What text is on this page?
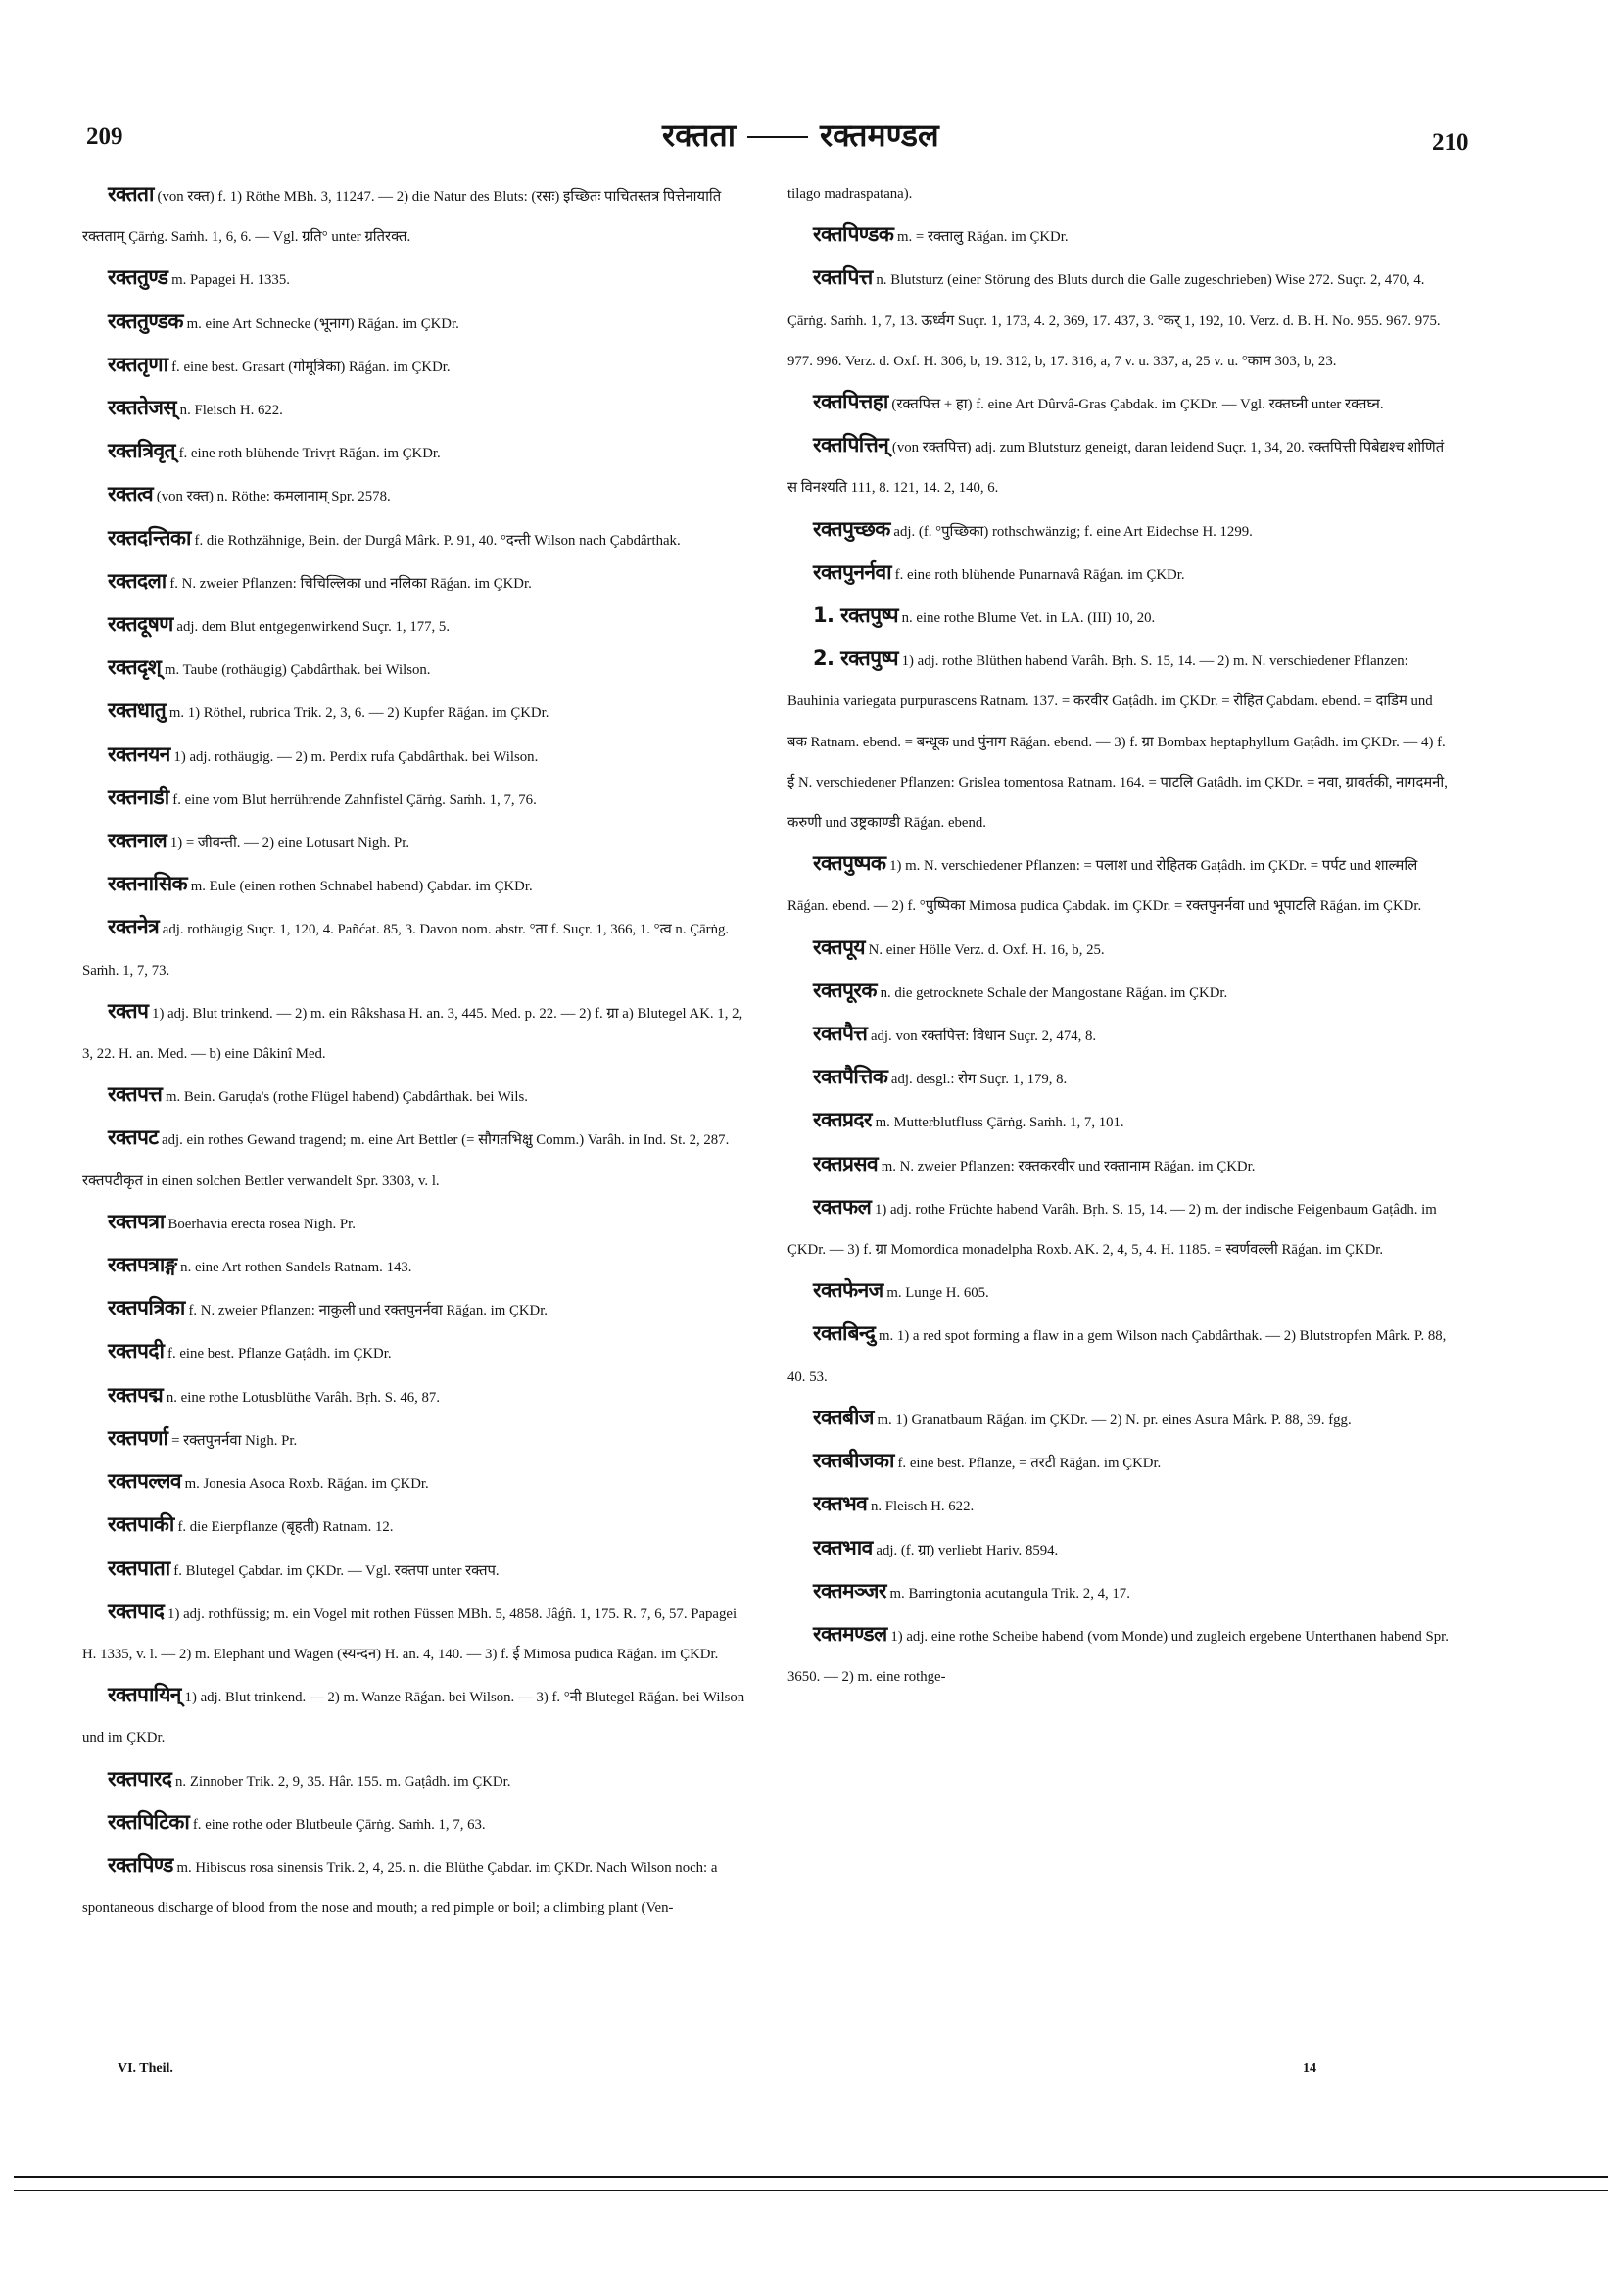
209	रक्तता	रक्तमण्डल	210

रक्तता (von रक्त) f. 1) Röthe MBh. 3, 11247. — 2) die Natur des Bluts: (रसः) इच्छितः पाचितस्तत्र पित्तेनायाति रक्तताम् Çārṅg. Saṁh. 1, 6, 6. — Vgl. ग्रति° unter ग्रतिरक्त.

रक्ततुण्ड m. Papagei H. 1335.

रक्ततुण्डक m. eine Art Schnecke (भूनाग) Rāǵan. im ÇKDr.

रक्ततृणा f. eine best. Grasart (गोमूत्रिका) Rāǵan. im ÇKDr.

रक्ततेजस् n. Fleisch H. 622.

रक्तत्रिवृत् f. eine roth blühende Trivṛt Rāǵan. im ÇKDr.

रक्तत्व (von रक्त) n. Röthe: कमलानाम् Spr. 2578.

रक्तदन्तिका f. die Rothzähnige, Bein. der Durgâ Mârk. P. 91, 40. °दन्ती Wilson nach Çabdârthak.

रक्तदला f. N. zweier Pflanzen: चिचिल्लिका und नलिका Rāǵan. im ÇKDr.

रक्तदूषण adj. dem Blut entgegenwirkend Suçr. 1, 177, 5.

रक्तदृश् m. Taube (rothäugig) Çabdârthak. bei Wilson.

रक्तधातु m. 1) Röthel, rubrica Trik. 2, 3, 6. — 2) Kupfer Rāǵan. im ÇKDr.

रक्तनयन 1) adj. rothäugig. — 2) m. Perdix rufa Çabdârthak. bei Wilson.

रक्तनाडी f. eine vom Blut herrührende Zahnfistel Çārṅg. Saṁh. 1, 7, 76.

रक्तनाल 1) = जीवन्ती. — 2) eine Lotusart Nigh. Pr.

रक्तनासिक m. Eule (einen rothen Schnabel habend) Çabdar. im ÇKDr.

रक्तनेत्र adj. rothäugig Suçr. 1, 120, 4. Pañćat. 85, 3. Davon nom. abstr. °ता f. Suçr. 1, 366, 1. °त्व n. Çārṅg. Saṁh. 1, 7, 73.

रक्तप 1) adj. Blut trinkend. — 2) m. ein Râkshasa H. an. 3, 445. Med. p. 22. — 2) f. ग्रा a) Blutegel AK. 1, 2, 3, 22. H. an. Med. — b) eine Dâkinî Med.

रक्तपत्त m. Bein. Garuḍa's (rothe Flügel habend) Çabdârthak. bei Wils.

रक्तपट adj. ein rothes Gewand tragend; m. eine Art Bettler (= सौगतभिक्षु Comm.) Varâh. in Ind. St. 2, 287. रक्तपटीकृत in einen solchen Bettler verwandelt Spr. 3303, v. l.

रक्तपत्रा Boerhavia erecta rosea Nigh. Pr.

रक्तपत्राङ्ग n. eine Art rothen Sandels Ratnam. 143.

रक्तपत्रिका f. N. zweier Pflanzen: नाकुली und रक्तपुनर्नवा Rāǵan. im ÇKDr.

रक्तपदी f. eine best. Pflanze Gaṭâdh. im ÇKDr.

रक्तपद्म n. eine rothe Lotusblüthe Varâh. Bṛh. S. 46, 87.

रक्तपर्णा = रक्तपुनर्नवा Nigh. Pr.

रक्तपल्लव m. Jonesia Asoca Roxb. Rāǵan. im ÇKDr.

रक्तपाकी f. die Eierpflanze (बृहती) Ratnam. 12.

रक्तपाता f. Blutegel Çabdar. im ÇKDr. — Vgl. रक्तपा unter रक्तप.

रक्तपाद 1) adj. rothfüssig; m. ein Vogel mit rothen Füssen MBh. 5, 4858. Jâǵñ. 1, 175. R. 7, 6, 57. Papagei H. 1335, v. l. — 2) m. Elephant und Wagen (स्यन्दन) H. an. 4, 140. — 3) f. ई Mimosa pudica Rāǵan. im ÇKDr.

रक्तपायिन् 1) adj. Blut trinkend. — 2) m. Wanze Rāǵan. bei Wilson. — 3) f. °नी Blutegel Rāǵan. bei Wilson und im ÇKDr.

रक्तपारद n. Zinnober Trik. 2, 9, 35. Hâr. 155. m. Gaṭâdh. im ÇKDr.

रक्तपिटिका f. eine rothe oder Blutbeule Çārṅg. Saṁh. 1, 7, 63.

रक्तपिण्ड m. Hibiscus rosa sinensis Trik. 2, 4, 25. n. die Blüthe Çabdar. im ÇKDr. Nach Wilson noch: a spontaneous discharge of blood from the nose and mouth; a red pimple or boil; a climbing plant (Ven-

tilago madraspatana).

रक्तपिण्डक m. = रक्तालु Rāǵan. im ÇKDr.

रक्तपित्त n. Blutsturz (einer Störung des Bluts durch die Galle zugeschrieben) Wise 272. Suçr. 2, 470, 4. Çārṅg. Saṁh. 1, 7, 13. ऊर्ध्वग Suçr. 1, 173, 4. 2, 369, 17. 437, 3. °कर् 1, 192, 10. Verz. d. B. H. No. 955. 967. 975. 977. 996. Verz. d. Oxf. H. 306, b, 19. 312, b, 17. 316, a, 7 v. u. 337, a, 25 v. u. °काम 303, b, 23.

रक्तपित्तहा (रक्तपित्त + हा) f. eine Art Dûrvâ-Gras Çabdak. im ÇKDr. — Vgl. रक्तघ्नी unter रक्तघ्न.

रक्तपित्तिन् (von रक्तपित्त) adj. zum Blutsturz geneigt, daran leidend Suçr. 1, 34, 20. रक्तपित्ती पिबेद्यश्च शोणितं स विनश्यति 111, 8. 121, 14. 2, 140, 6.

रक्तपुच्छक adj. (f. °पुच्छिका) rothschwänzig; f. eine Art Eidechse H. 1299.

रक्तपुनर्नवा f. eine roth blühende Punarnavâ Rāǵan. im ÇKDr.

1. रक्तपुष्प n. eine rothe Blume Vet. in LA. (III) 10, 20.

2. रक्तपुष्प 1) adj. rothe Blüthen habend Varâh. Bṛh. S. 15, 14. — 2) m. N. verschiedener Pflanzen: Bauhinia variegata purpurascens Ratnam. 137. = करवीर Gaṭâdh. im ÇKDr. = रोहित Çabdam. ebend. = दाडिम und बक Ratnam. ebend. = बन्धूक und पुंनाग Rāǵan. ebend. — 3) f. ग्रा Bombax heptaphyllum Gaṭâdh. im ÇKDr. — 4) f. ई N. verschiedener Pflanzen: Grislea tomentosa Ratnam. 164. = पाटलि Gaṭâdh. im ÇKDr. = नवा, ग्रावर्तकी, नागदमनी, करुणी und उष्ट्रकाण्डी Rāǵan. ebend.

रक्तपुष्पक 1) m. N. verschiedener Pflanzen: = पलाश und रोहितक Gaṭâdh. im ÇKDr. = पर्पट und शाल्मलि Rāǵan. ebend. — 2) f. °पुष्पिका Mimosa pudica Çabdak. im ÇKDr. = रक्तपुनर्नवा und भूपाटलि Rāǵan. im ÇKDr.

रक्तपूय N. einer Hölle Verz. d. Oxf. H. 16, b, 25.

रक्तपूरक n. die getrocknete Schale der Mangostane Rāǵan. im ÇKDr.

रक्तपैत्त adj. von रक्तपित्त: विधान Suçr. 2, 474, 8.

रक्तपैत्तिक adj. desgl.: रोग Suçr. 1, 179, 8.

रक्तप्रदर m. Mutterblutfluss Çārṅg. Saṁh. 1, 7, 101.

रक्तप्रसव m. N. zweier Pflanzen: रक्तकरवीर und रक्तानाम Rāǵan. im ÇKDr.

रक्तफल 1) adj. rothe Früchte habend Varâh. Bṛh. S. 15, 14. — 2) m. der indische Feigenbaum Gaṭâdh. im ÇKDr. — 3) f. ग्रा Momordica monadelpha Roxb. AK. 2, 4, 5, 4. H. 1185. = स्वर्णवल्ली Rāǵan. im ÇKDr.

रक्तफेनज m. Lunge H. 605.

रक्तबिन्दु m. 1) a red spot forming a flaw in a gem Wilson nach Çabdârthak. — 2) Blutstropfen Mârk. P. 88, 40. 53.

रक्तबीज m. 1) Granatbaum Rāǵan. im ÇKDr. — 2) N. pr. eines Asura Mârk. P. 88, 39. fgg.

रक्तबीजका f. eine best. Pflanze, = तरटी Rāǵan. im ÇKDr.

रक्तभव n. Fleisch H. 622.

रक्तभाव adj. (f. ग्रा) verliebt Hariv. 8594.

रक्तमञ्जर m. Barringtonia acutangula Trik. 2, 4, 17.

रक्तमण्डल 1) adj. eine rothe Scheibe habend (vom Monde) und zugleich ergebene Unterthanen habend Spr. 3650. — 2) m. eine rothge-

VI. Theil.	14
